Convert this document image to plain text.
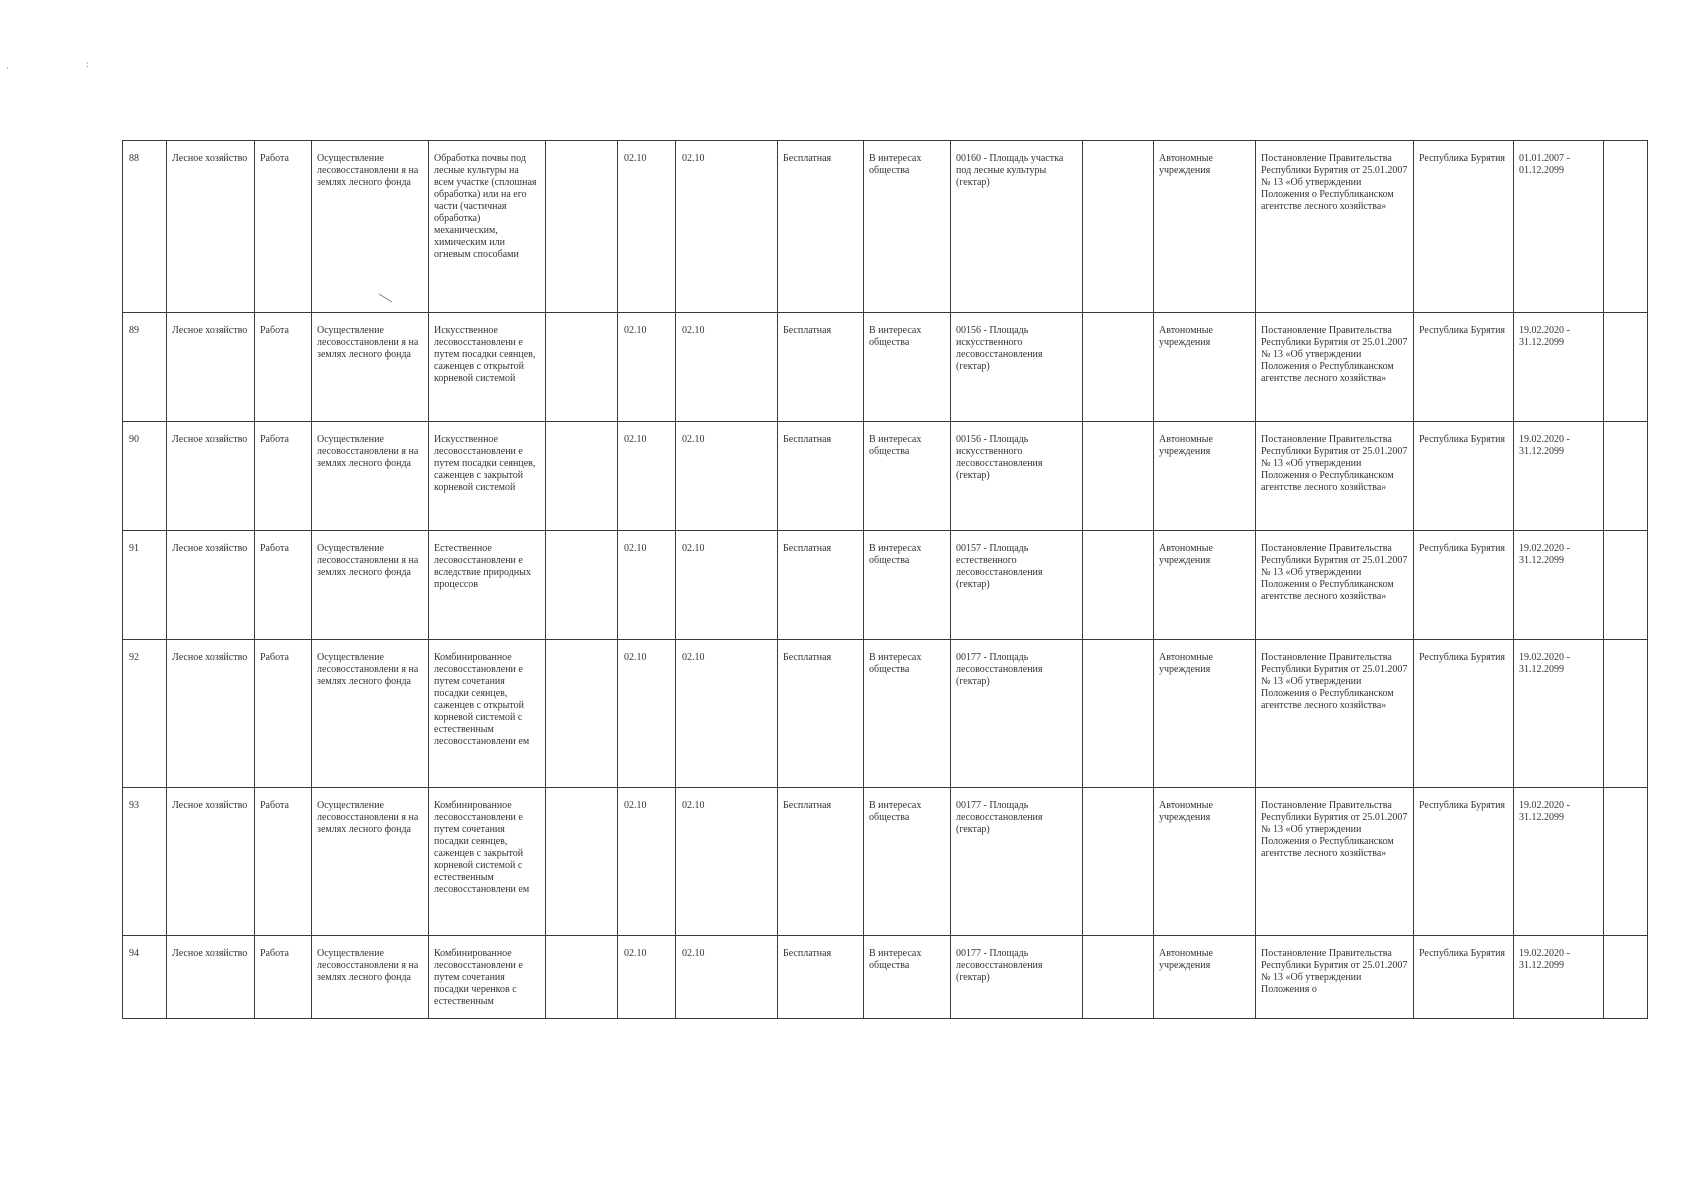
·	:
88	Лесное хозяйство	Работа	Осуществление лесовосстановлени я на землях лесного фонда	Обработка почвы под лесные культуры на всем участке (сплошная обработка) или на его части (частичная обработка) механическим, химическим или огневым способами		02.10	02.10	Бесплатная	В интересах общества	00160 - Площадь участка под лесные культуры (гектар)		Автономные учреждения	Постановление Правительства Республики Бурятия от 25.01.2007 № 13 «Об утверждении Положения о Республиканском агентстве лесного хозяйства»	Республика Бурятия	01.01.2007 - 01.12.2099	
89	Лесное хозяйство	Работа	Осуществление лесовосстановлени я на землях лесного фонда	Искусственное лесовосстановлени е путем посадки сеянцев, саженцев с открытой корневой системой		02.10	02.10	Бесплатная	В интересах общества	00156 - Площадь искусственного лесовосстановления (гектар)		Автономные учреждения	Постановление Правительства Республики Бурятия от 25.01.2007 № 13 «Об утверждении Положения о Республиканском агентстве лесного хозяйства»	Республика Бурятия	19.02.2020 - 31.12.2099	
90	Лесное хозяйство	Работа	Осуществление лесовосстановлени я на землях лесного фонда	Искусственное лесовосстановлени е путем посадки сеянцев, саженцев с закрытой корневой системой		02.10	02.10	Бесплатная	В интересах общества	00156 - Площадь искусственного лесовосстановления (гектар)		Автономные учреждения	Постановление Правительства Республики Бурятия от 25.01.2007 № 13 «Об утверждении Положения о Республиканском агентстве лесного хозяйства»	Республика Бурятия	19.02.2020 - 31.12.2099	
91	Лесное хозяйство	Работа	Осуществление лесовосстановлени я на землях лесного фонда	Естественное лесовосстановлени е вследствие природных процессов		02.10	02.10	Бесплатная	В интересах общества	00157 - Площадь естественного лесовосстановления (гектар)		Автономные учреждения	Постановление Правительства Республики Бурятия от 25.01.2007 № 13 «Об утверждении Положения о Республиканском агентстве лесного хозяйства»	Республика Бурятия	19.02.2020 - 31.12.2099	
92	Лесное хозяйство	Работа	Осуществление лесовосстановлени я на землях лесного фонда	Комбинированное лесовосстановлени е путем сочетания посадки сеянцев, саженцев с открытой корневой системой с естественным лесовосстановлени ем		02.10	02.10	Бесплатная	В интересах общества	00177 - Площадь лесовосстановления (гектар)		Автономные учреждения	Постановление Правительства Республики Бурятия от 25.01.2007 № 13 «Об утверждении Положения о Республиканском агентстве лесного хозяйства»	Республика Бурятия	19.02.2020 - 31.12.2099	
93	Лесное хозяйство	Работа	Осуществление лесовосстановлени я на землях лесного фонда	Комбинированное лесовосстановлени е путем сочетания посадки сеянцев, саженцев с закрытой корневой системой с естественным лесовосстановлени ем		02.10	02.10	Бесплатная	В интересах общества	00177 - Площадь лесовосстановления (гектар)		Автономные учреждения	Постановление Правительства Республики Бурятия от 25.01.2007 № 13 «Об утверждении Положения о Республиканском агентстве лесного хозяйства»	Республика Бурятия	19.02.2020 - 31.12.2099	
94	Лесное хозяйство	Работа	Осуществление лесовосстановлени я на землях лесного фонда	Комбинированное лесовосстановлени е путем сочетания посадки черенков с естественным		02.10	02.10	Бесплатная	В интересах общества	00177 - Площадь лесовосстановления (гектар)		Автономные учреждения	Постановление Правительства Республики Бурятия от 25.01.2007 № 13 «Об утверждении Положения о	Республика Бурятия	19.02.2020 - 31.12.2099	
